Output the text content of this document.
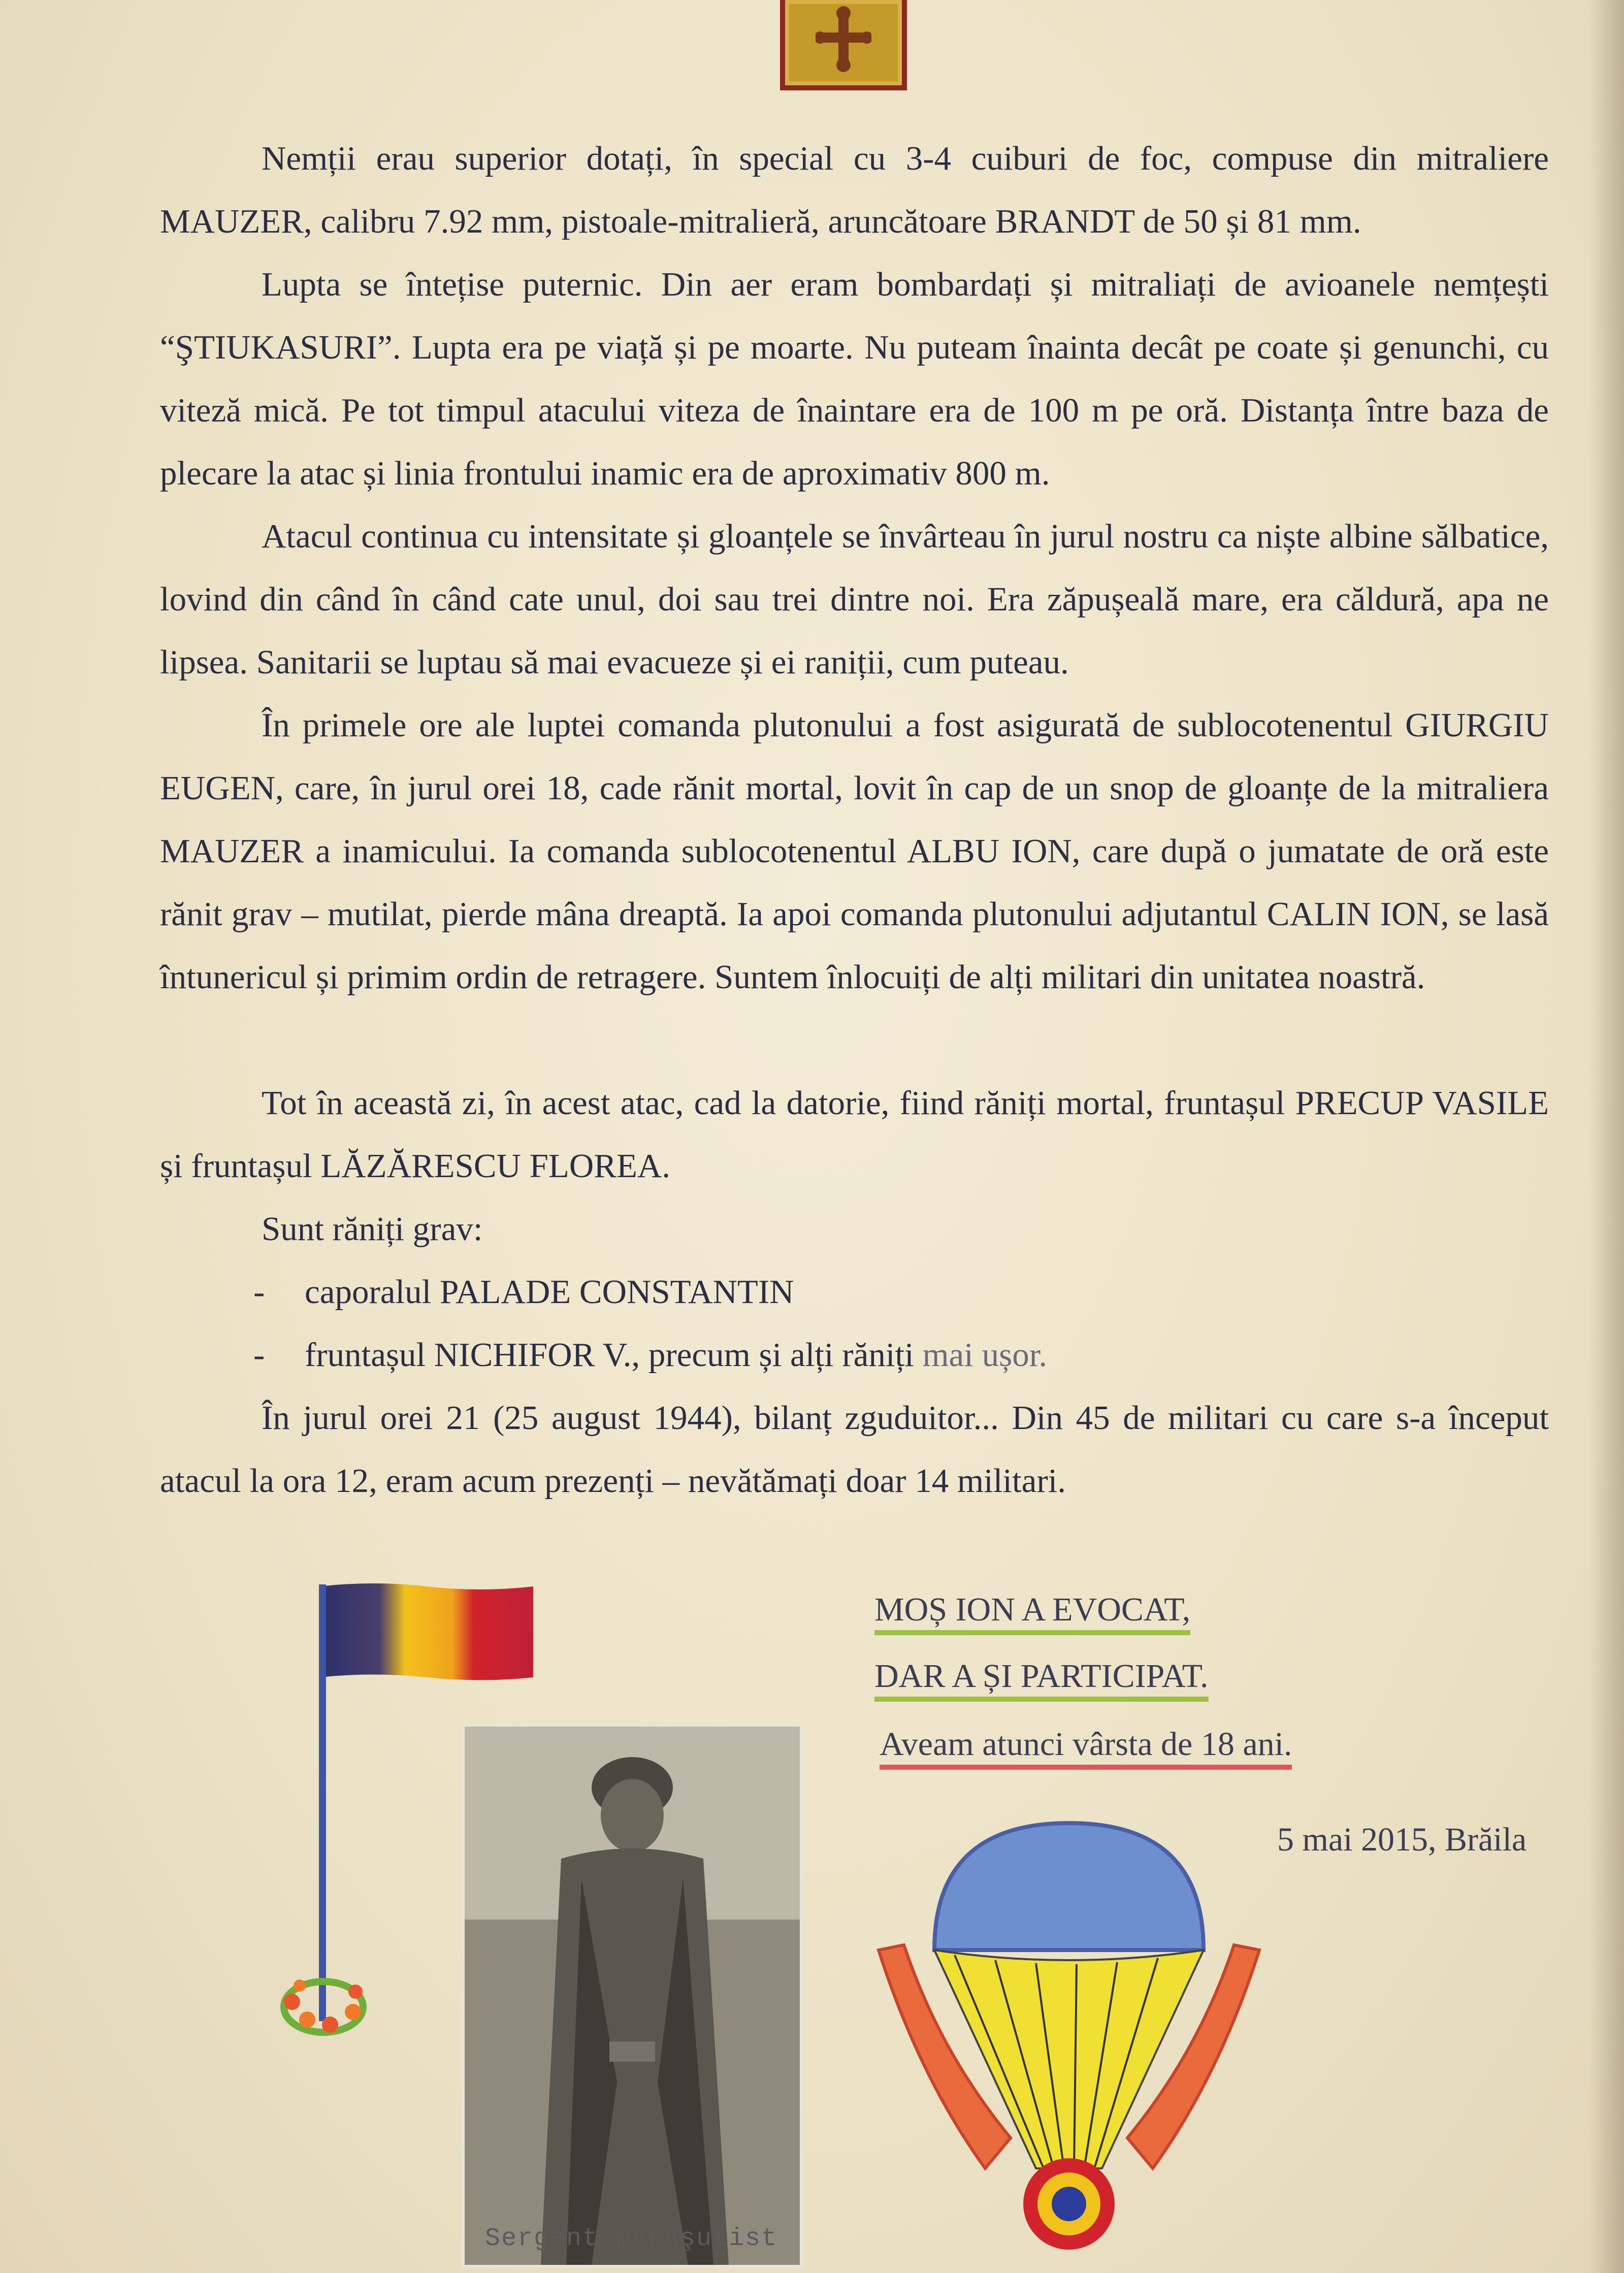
Nemții erau superior dotați, în special cu 3-4 cuiburi de foc, compuse din mitraliere MAUZER, calibru 7.92 mm, pistoale-mitralieră, aruncătoare BRANDT de 50 și 81 mm.

Lupta se întețise puternic. Din aer eram bombardați și mitraliați de avioanele nemțești “ŞTIUKASURI”. Lupta era pe viață și pe moarte. Nu puteam înainta decât pe coate și genunchi, cu viteză mică. Pe tot timpul atacului viteza de înaintare era de 100 m pe oră. Distanța între baza de plecare la atac și linia frontului inamic era de aproximativ 800 m.

Atacul continua cu intensitate și gloanțele se învârteau în jurul nostru ca niște albine sălbatice, lovind din când în când cate unul, doi sau trei dintre noi. Era zăpușeală mare, era căldură, apa ne lipsea. Sanitarii se luptau să mai evacueze și ei raniții, cum puteau.

În primele ore ale luptei comanda plutonului a fost asigurată de sublocotenentul GIURGIU EUGEN, care, în jurul orei 18, cade rănit mortal, lovit în cap de un snop de gloanțe de la mitraliera MAUZER a inamicului. Ia comanda sublocotenentul ALBU ION, care după o jumatate de oră este rănit grav – mutilat, pierde mâna dreaptă. Ia apoi comanda plutonului adjutantul CALIN ION, se lasă întunericul și primim ordin de retragere. Suntem înlocuiți de alți militari din unitatea noastră.

Tot în această zi, în acest atac, cad la datorie, fiind răniți mortal, fruntașul PRECUP VASILE și fruntașul LĂZĂRESCU FLOREA.

Sunt răniți grav:

În jurul orei 21 (25 august 1944), bilanț zguduitor... Din 45 de militari cu care s-a început atacul la ora 12, eram acum prezenți – nevătămați doar 14 militari.

- caporalul PALADE CONSTANTIN
- fruntașul NICHIFOR V., precum și alți răniți mai ușor.
Sergent paraşutist
MOȘ ION A EVOCAT,
DAR A ȘI PARTICIPAT.
Aveam atunci vârsta de 18 ani.
5 mai 2015, Brăila
